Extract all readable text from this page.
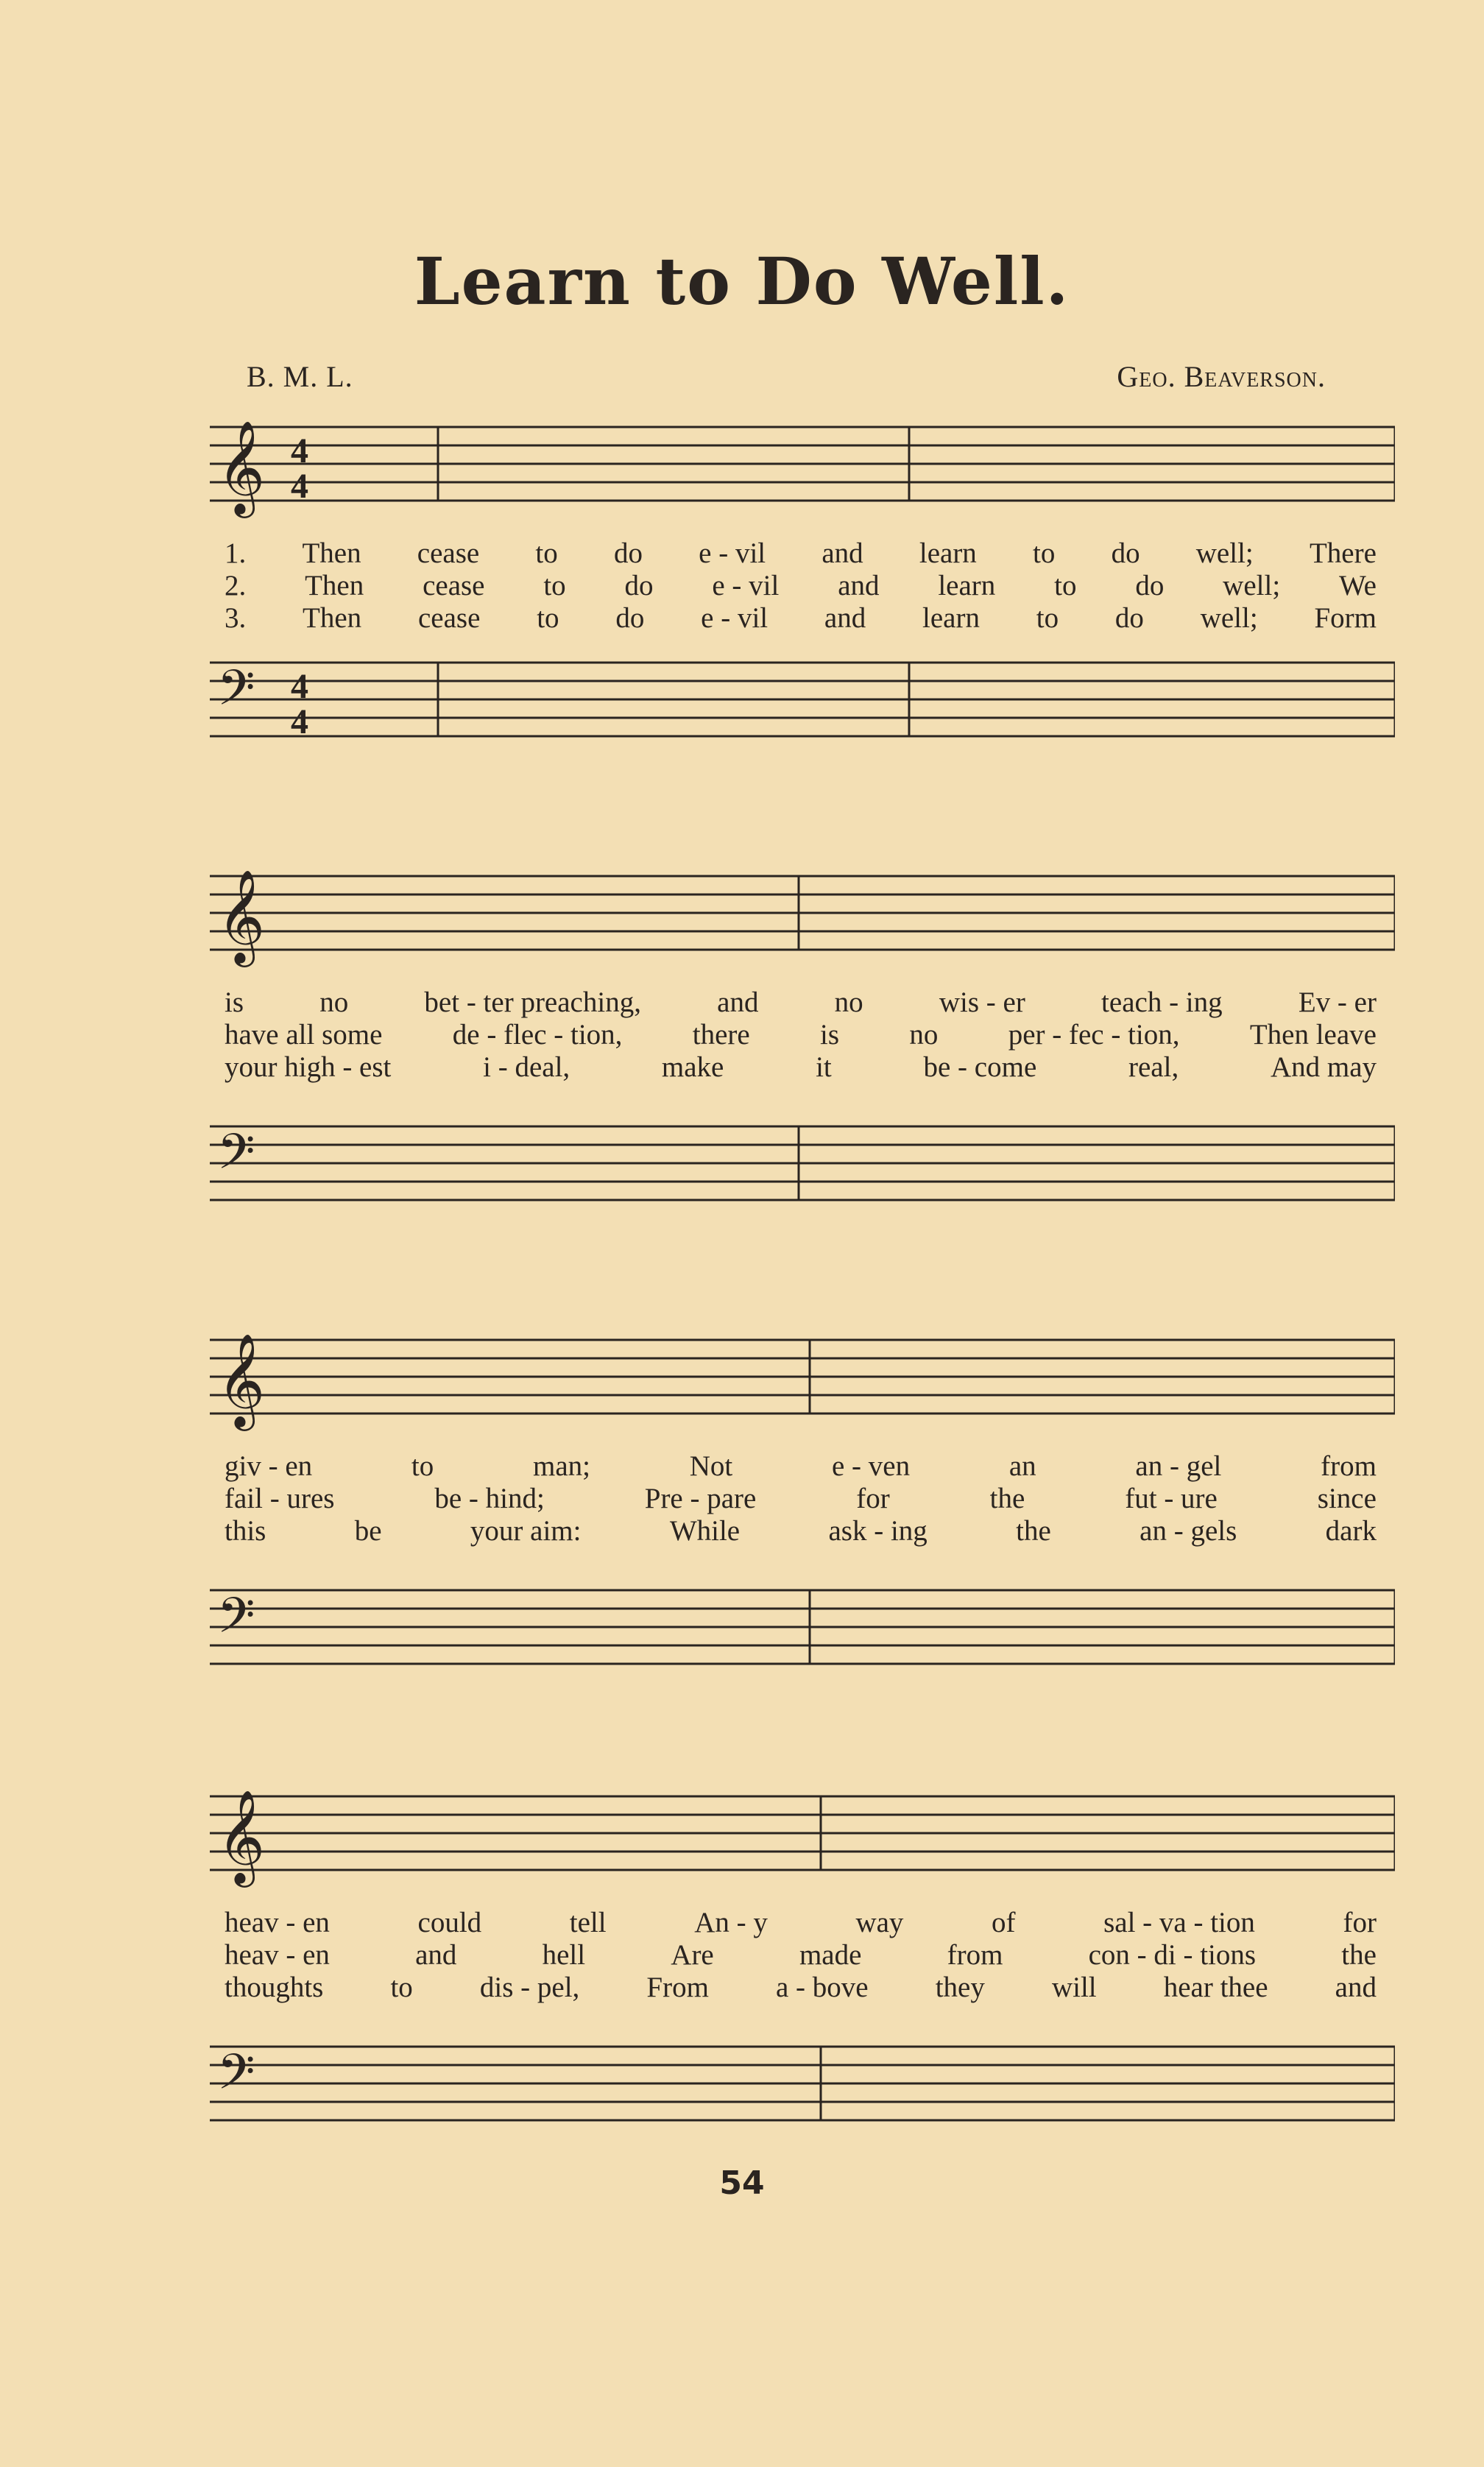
Learn to Do Well.
B. M. L.	Geo. Beaverson.
𝄞 4
4
1. Then cease to do e - vil and learn to do well; There
2. Then cease to do e - vil and learn to do well; We
3. Then cease to do e - vil and learn to do well; Form
𝄢 4
4
𝄞
is	no	bet - ter preaching,	and	no	wis - er	teach - ing	Ev - er
have all some de - flec - tion, there is no per - fec - tion, Then leave
your high - est	i - deal,	make	it	be - come	real,	And may
𝄢
𝄞
giv - en	to	man;	Not	e - ven	an	an - gel	from
fail - ures	be - hind;	Pre - pare	for	the	fut - ure	since
this	be	your aim:	While	ask - ing	the	an - gels	dark
𝄢
𝄞
heav - en	could	tell	An - y	way	of	sal - va - tion	for
heav - en	and	hell	Are	made	from	con - di - tions	the
thoughts to dis - pel, From a - bove they will hear thee and
𝄢
54
